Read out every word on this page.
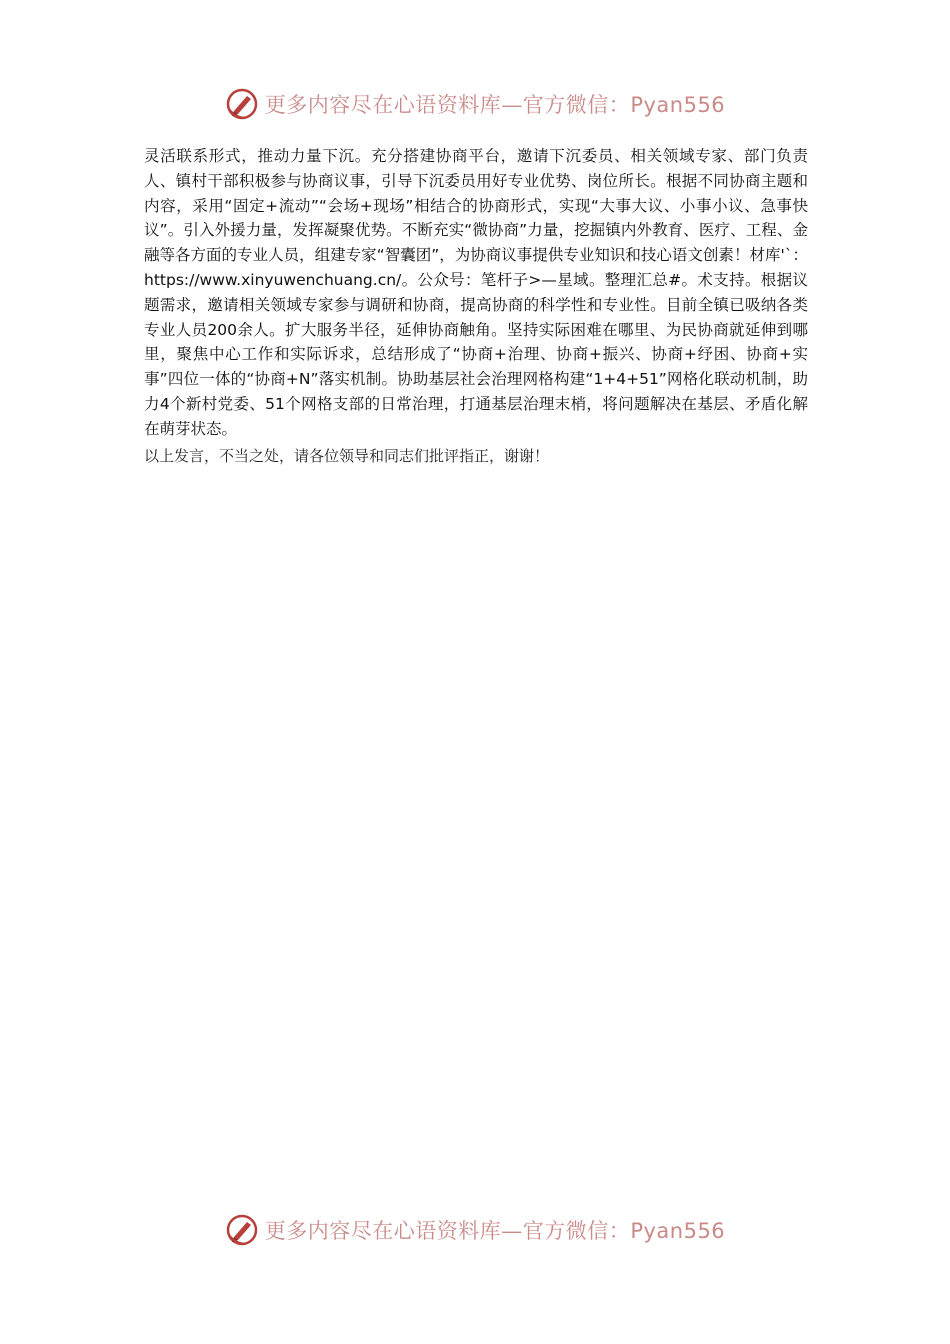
更多内容尽在心语资料库—官方微信：Pyan556

灵活联系形式，推动力量下沉。充分搭建协商平台，邀请下沉委员、相关领域专家、部门负责人、镇村干部积极参与协商议事，引导下沉委员用好专业优势、岗位所长。根据不同协商主题和内容，采用“固定+流动”“会场+现场”相结合的协商形式，实现“大事大议、小事小议、急事快议”。引入外援力量，发挥凝聚优势。不断充实“微协商”力量，挖掘镇内外教育、医疗、工程、金融等各方面的专业人员，组建专家“智囊团”，为协商议事提供专业知识和技心语文创素！材库'`：https://www.xinyuwenchuang.cn/。公众号：笔杆子>—星域。整理汇总#。术支持。根据议题需求，邀请相关领域专家参与调研和协商，提高协商的科学性和专业性。目前全镇已吸纳各类专业人员200余人。扩大服务半径，延伸协商触角。坚持实际困难在哪里、为民协商就延伸到哪里，聚焦中心工作和实际诉求，总结形成了“协商+治理、协商+振兴、协商+纾困、协商+实事”四位一体的“协商+N”落实机制。协助基层社会治理网格构建“1+4+51”网格化联动机制，助力4个新村党委、51个网格支部的日常治理，打通基层治理末梢，将问题解决在基层、矛盾化解在萌芽状态。

以上发言，不当之处，请各位领导和同志们批评指正，谢谢！

更多内容尽在心语资料库—官方微信：Pyan556
